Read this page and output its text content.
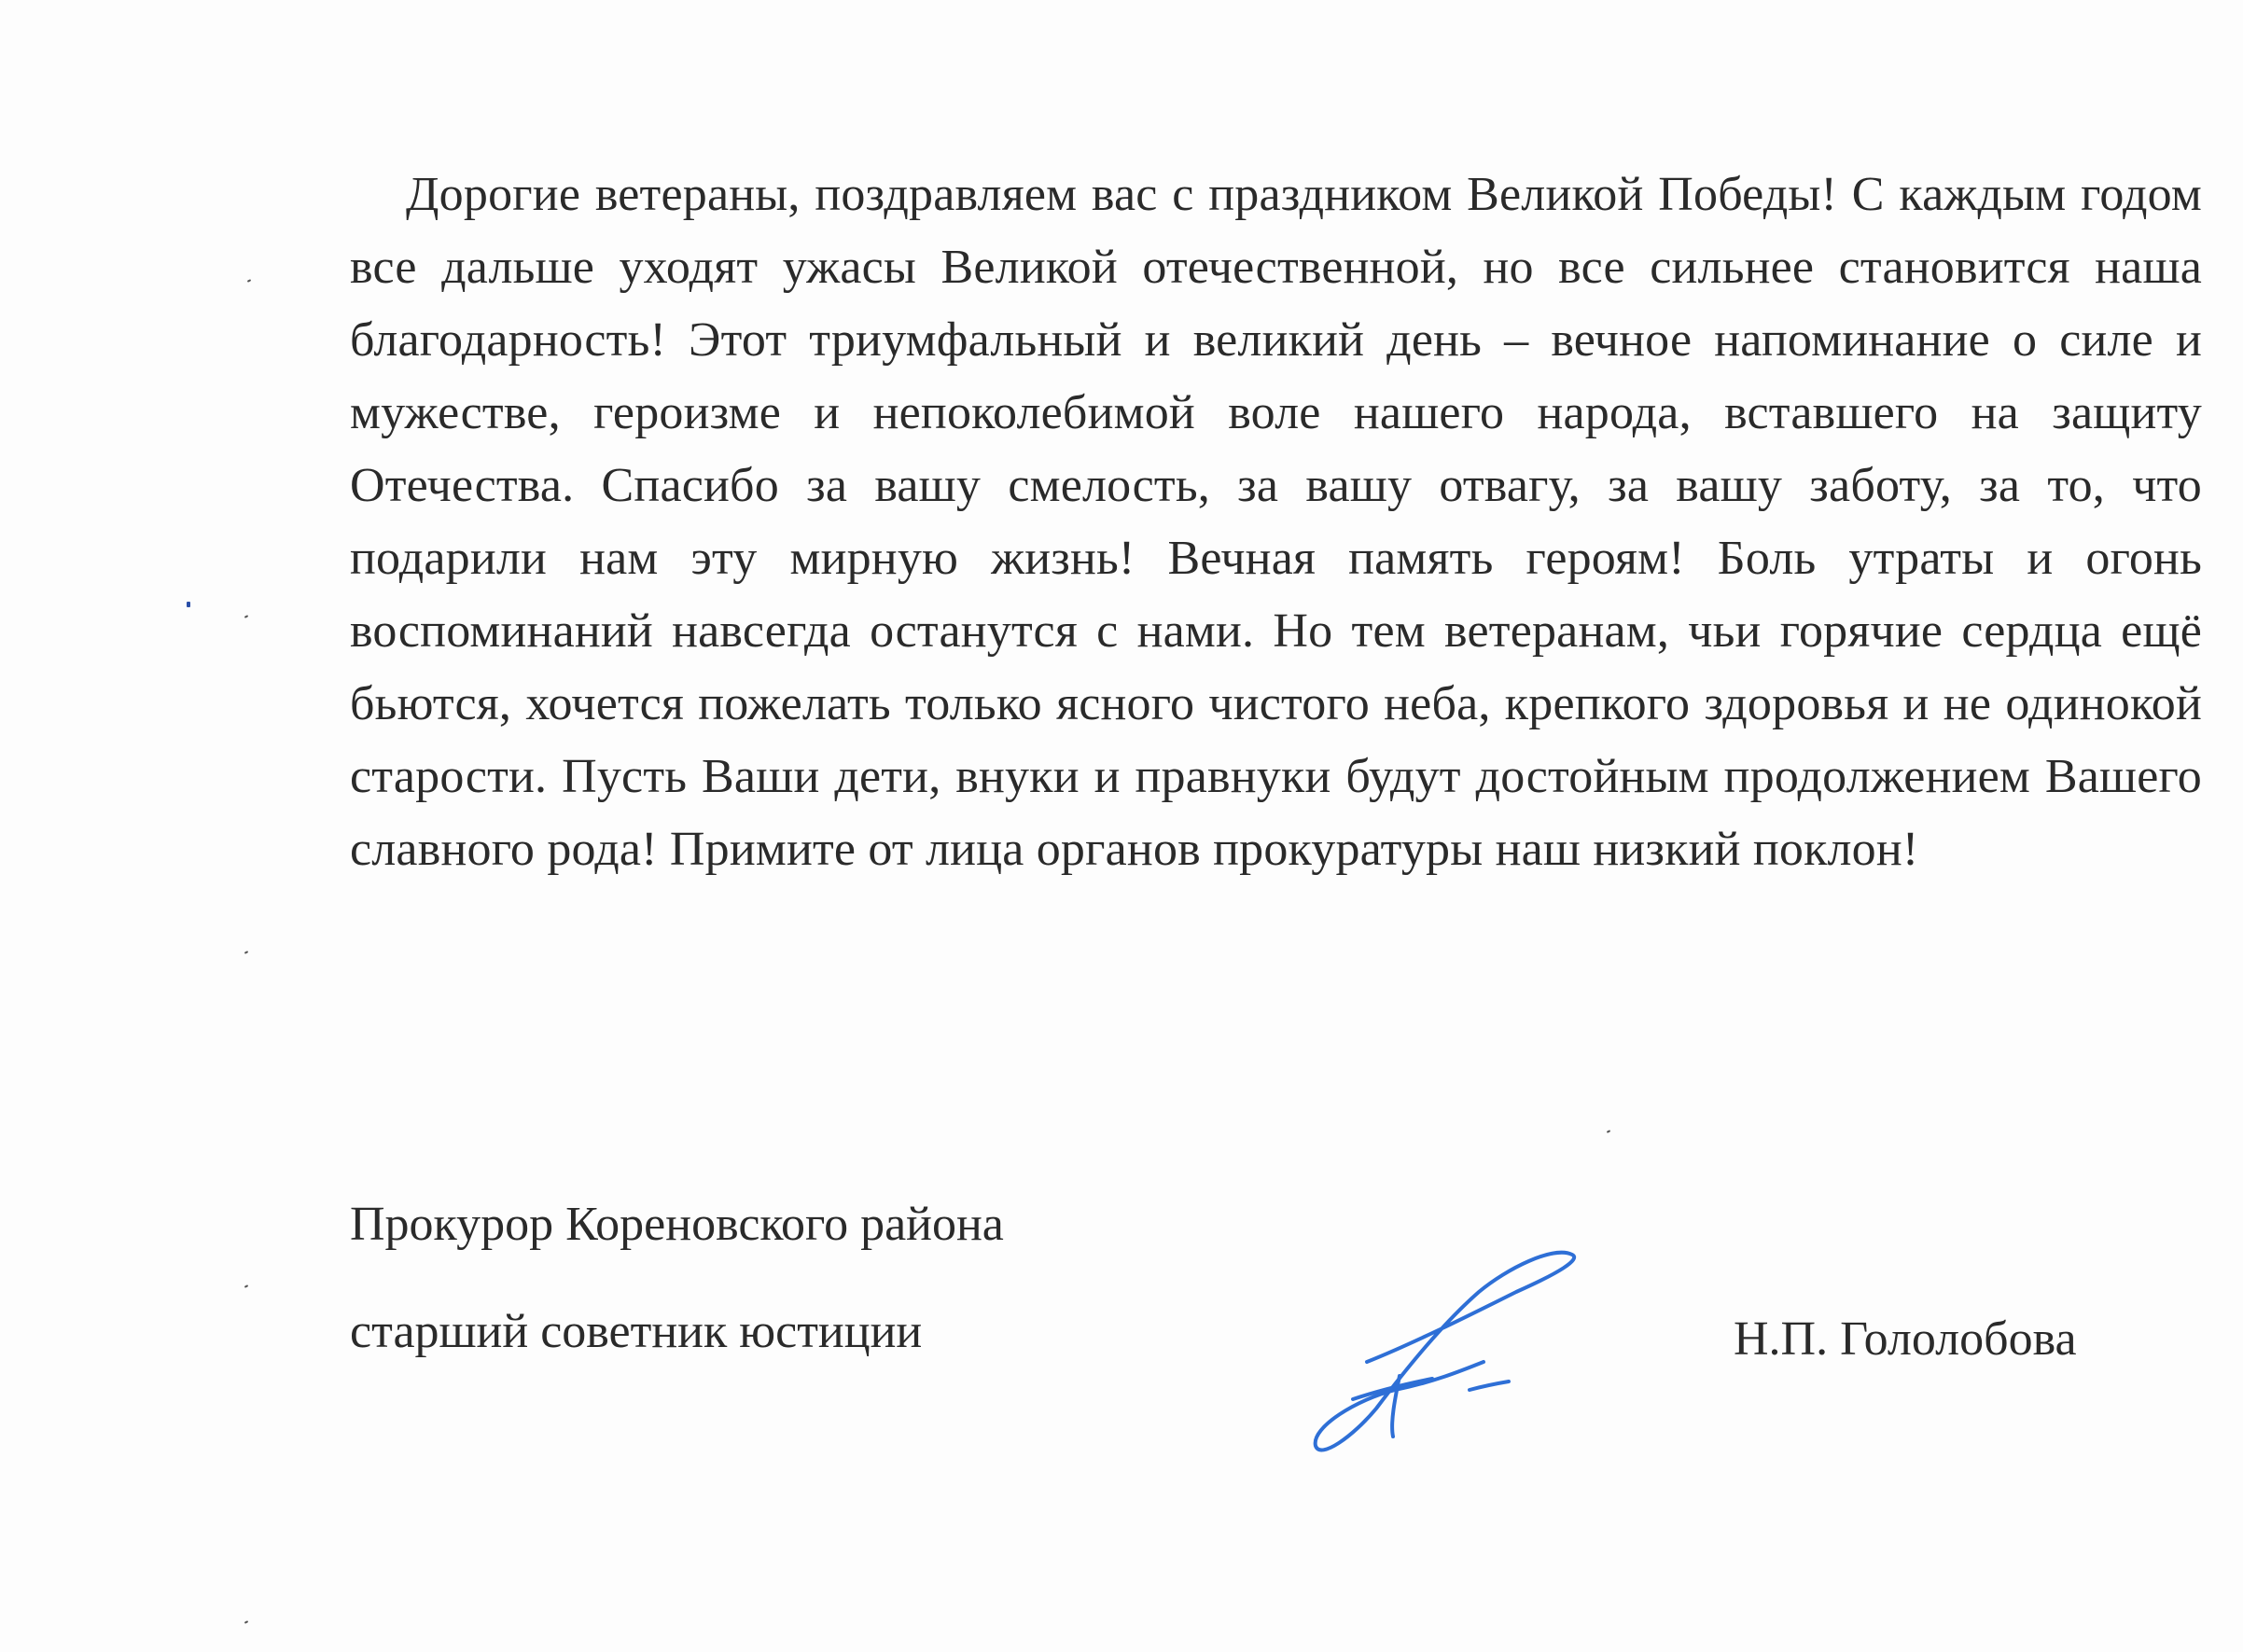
Дорогие ветераны, поздравляем вас с праздником Великой Победы! С каждым годом все дальше уходят ужасы Великой отечественной, но все сильнее становится наша благодарность! Этот триумфальный и великий день – вечное напоминание о силе и мужестве, героизме и непоколебимой воле нашего народа, вставшего на защиту Отечества. Спасибо за вашу смелость, за вашу отвагу, за вашу заботу, за то, что подарили нам эту мирную жизнь! Вечная память героям! Боль утраты и огонь воспоминаний навсегда останутся с нами. Но тем ветеранам, чьи горячие сердца ещё бьются, хочется пожелать только ясного чистого неба, крепкого здоровья и не одинокой старости. Пусть Ваши дети, внуки и правнуки будут достойным продолжением Вашего славного рода! Примите от лица органов прокуратуры наш низкий поклон!

Прокурор Кореновского района

старший советник юстиции	Н.П. Гололобова
